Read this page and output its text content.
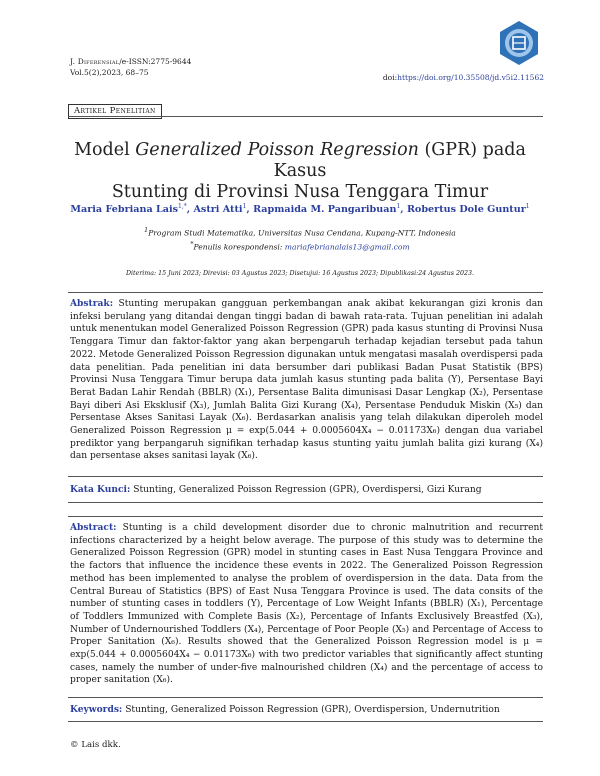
J. Diferensial/e-ISSN:2775-9644
Vol.5(2),2023, 68–75
doi:https://doi.org/10.35508/jd.v5i2.11562
Artikel Penelitian
Model Generalized Poisson Regression (GPR) pada Kasus
Stunting di Provinsi Nusa Tenggara Timur
Maria Febriana Lais$^{1,*}$, Astri Atti$^1$, Rapmaida M. Pangaribuan$^1$, Robertus Dole Guntur$^1$
$^1$Program Studi Matematika, Universitas Nusa Cendana, Kupang-NTT, Indonesia
*Penulis korespondensi: mariafebrianalais13@gmail.com
Diterima: 15 Juni 2023; Direvisi: 03 Agustus 2023; Disetujui: 16 Agustus 2023; Dipublikasi:24 Agustus 2023.
Abstrak: Stunting merupakan gangguan perkembangan anak akibat kekurangan gizi kronis dan infeksi berulang yang ditandai dengan tinggi badan di bawah rata-rata. Tujuan penelitian ini adalah untuk menentukan model Generalized Poisson Regression (GPR) pada kasus stunting di Provinsi Nusa Tenggara Timur dan faktor-faktor yang akan berpengaruh terhadap kejadian tersebut pada tahun 2022. Metode Generalized Poisson Regression digunakan untuk mengatasi masalah overdispersi pada data penelitian. Pada penelitian ini data bersumber dari publikasi Badan Pusat Statistik (BPS) Provinsi Nusa Tenggara Timur berupa data jumlah kasus stunting pada balita (Y), Persentase Bayi Berat Badan Lahir Rendah (BBLR) (X₁), Persentase Balita dimunisasi Dasar Lengkap (X₂), Persentase Bayi diberi Asi Eksklusif (X₃), Jumlah Balita Gizi Kurang (X₄), Persentase Penduduk Miskin (X₅) dan Persentase Akses Sanitasi Layak (X₆). Berdasarkan analisis yang telah dilakukan diperoleh model Generalized Poisson Regression μ = exp(5.044 + 0.0005604X₄ − 0.01173X₆) dengan dua variabel prediktor yang berpangaruh signifikan terhadap kasus stunting yaitu jumlah balita gizi kurang (X₄) dan persentase akses sanitasi layak (X₆).
Kata Kunci: Stunting, Generalized Poisson Regression (GPR), Overdispersi, Gizi Kurang
Abstract: Stunting is a child development disorder due to chronic malnutrition and recurrent infections characterized by a height below average. The purpose of this study was to determine the Generalized Poisson Regression (GPR) model in stunting cases in East Nusa Tenggara Province and the factors that influence the incidence these events in 2022. The Generalized Poisson Regression method has been implemented to analyse the problem of overdispersion in the data. Data from the Central Bureau of Statistics (BPS) of East Nusa Tenggara Province is used. The data consits of the number of stunting cases in toddlers (Y), Percentage of Low Weight Infants (BBLR) (X₁), Percentage of Toddlers Immunized with Complete Basis (X₂), Percentage of Infants Exclusively Breastfed (X₃), Number of Undernourished Toddlers (X₄), Percentage of Poor People (X₅) and Percentage of Access to Proper Sanitation (X₆). Results showed that the Generalized Poisson Regression model is μ = exp(5.044 + 0.0005604X₄ − 0.01173X₆) with two predictor variables that significantly affect stunting cases, namely the number of under-five malnourished children (X₄) and the percentage of access to proper sanitation (X₆).
Keywords: Stunting, Generalized Poisson Regression (GPR), Overdispersion, Undernutrition
© Lais dkk.
